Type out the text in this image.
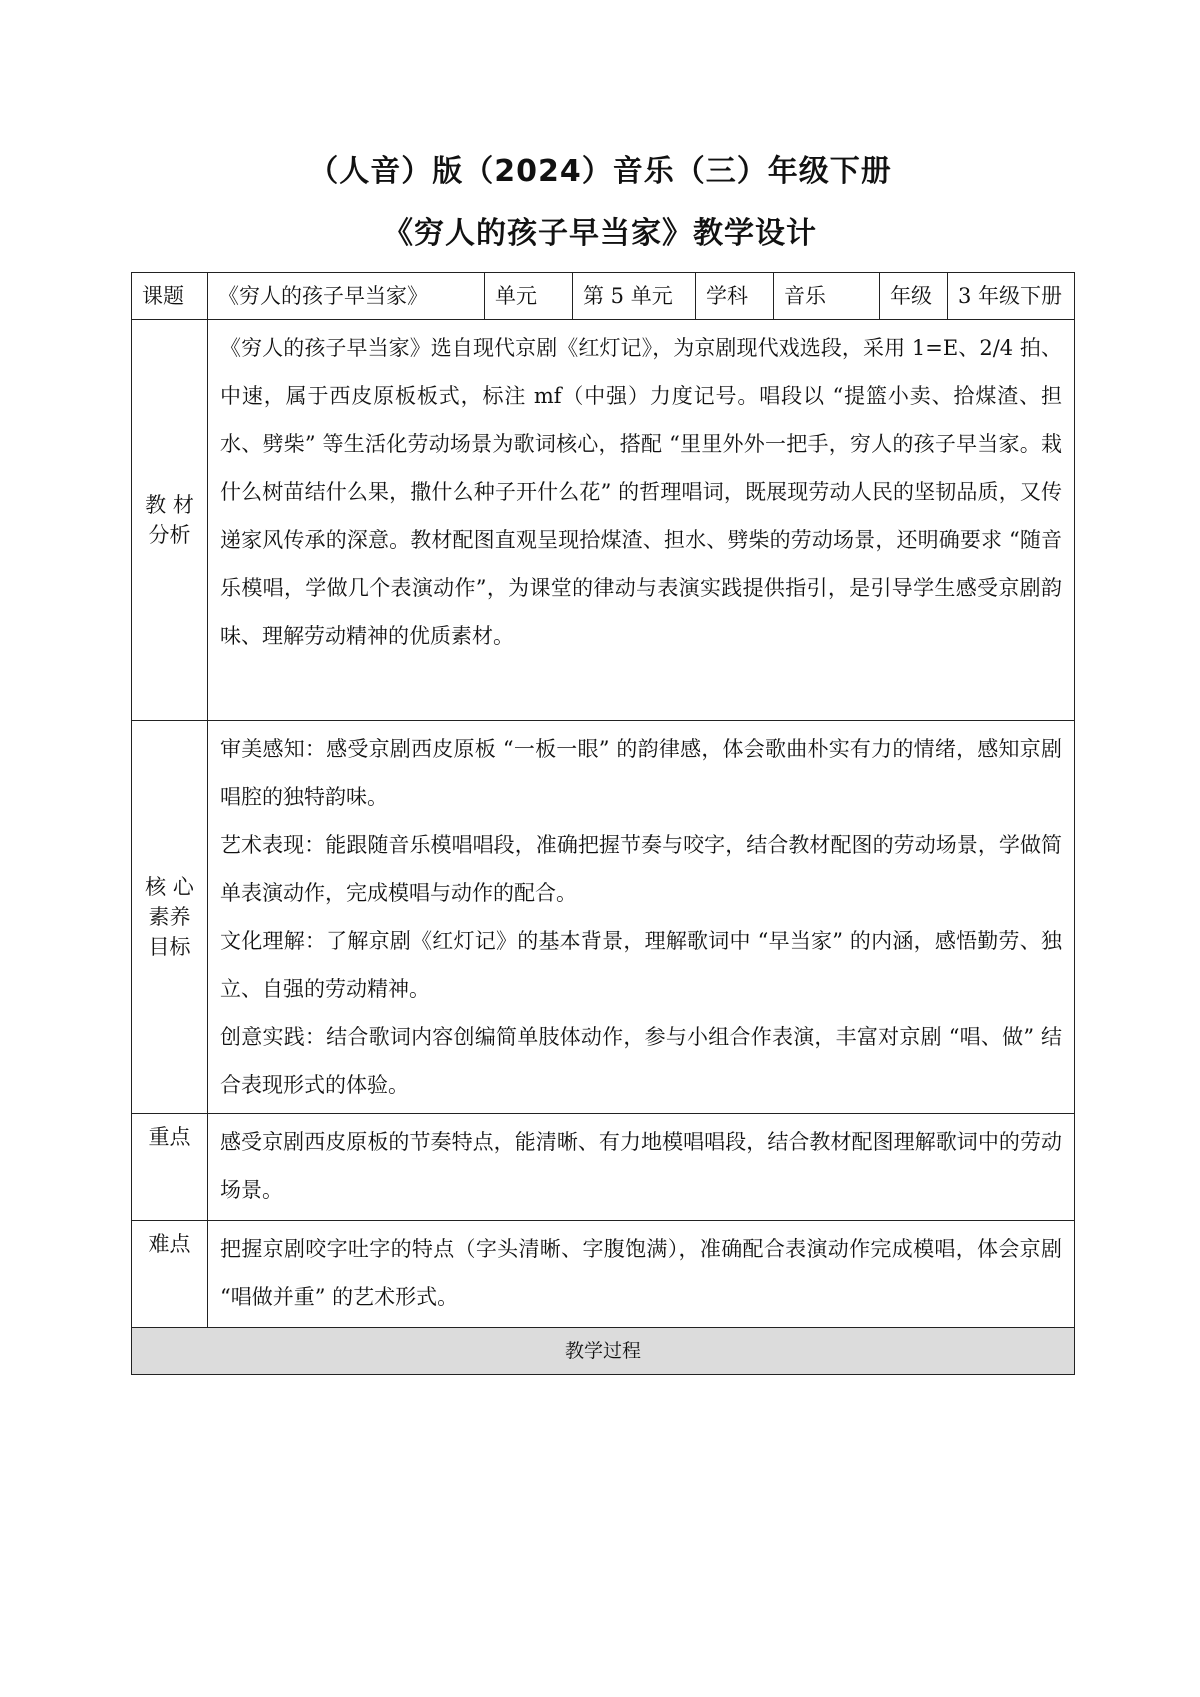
（人音）版（2024）音乐（三）年级下册
《穷人的孩子早当家》教学设计
课题	《穷人的孩子早当家》	单元	第 5 单元	学科	音乐	年级	3 年级下册
教 材 分析	《穷人的孩子早当家》选自现代京剧《红灯记》，为京剧现代戏选段，采用 1=E、2/4 拍、中速，属于西皮原板板式，标注 mf（中强）力度记号。唱段以 “提篮小卖、拾煤渣、担水、劈柴” 等生活化劳动场景为歌词核心，搭配 “里里外外一把手，穷人的孩子早当家。栽什么树苗结什么果，撒什么种子开什么花” 的哲理唱词，既展现劳动人民的坚韧品质，又传递家风传承的深意。教材配图直观呈现拾煤渣、担水、劈柴的劳动场景，还明确要求 “随音乐模唱，学做几个表演动作”，为课堂的律动与表演实践提供指引，是引导学生感受京剧韵味、理解劳动精神的优质素材。						
核 心 素养 目标	审美感知：感受京剧西皮原板 “一板一眼” 的韵律感，体会歌曲朴实有力的情绪，感知京剧唱腔的独特韵味。

艺术表现：能跟随音乐模唱唱段，准确把握节奏与咬字，结合教材配图的劳动场景，学做简单表演动作，完成模唱与动作的配合。

文化理解：了解京剧《红灯记》的基本背景，理解歌词中 “早当家” 的内涵，感悟勤劳、独立、自强的劳动精神。

创意实践：结合歌词内容创编简单肢体动作，参与小组合作表演，丰富对京剧 “唱、做” 结合表现形式的体验。						

重点	感受京剧西皮原板的节奏特点，能清晰、有力地模唱唱段，结合教材配图理解歌词中的劳动场景。						
难点	把握京剧咬字吐字的特点（字头清晰、字腹饱满），准确配合表演动作完成模唱，体会京剧 “唱做并重” 的艺术形式。						
教学过程							
